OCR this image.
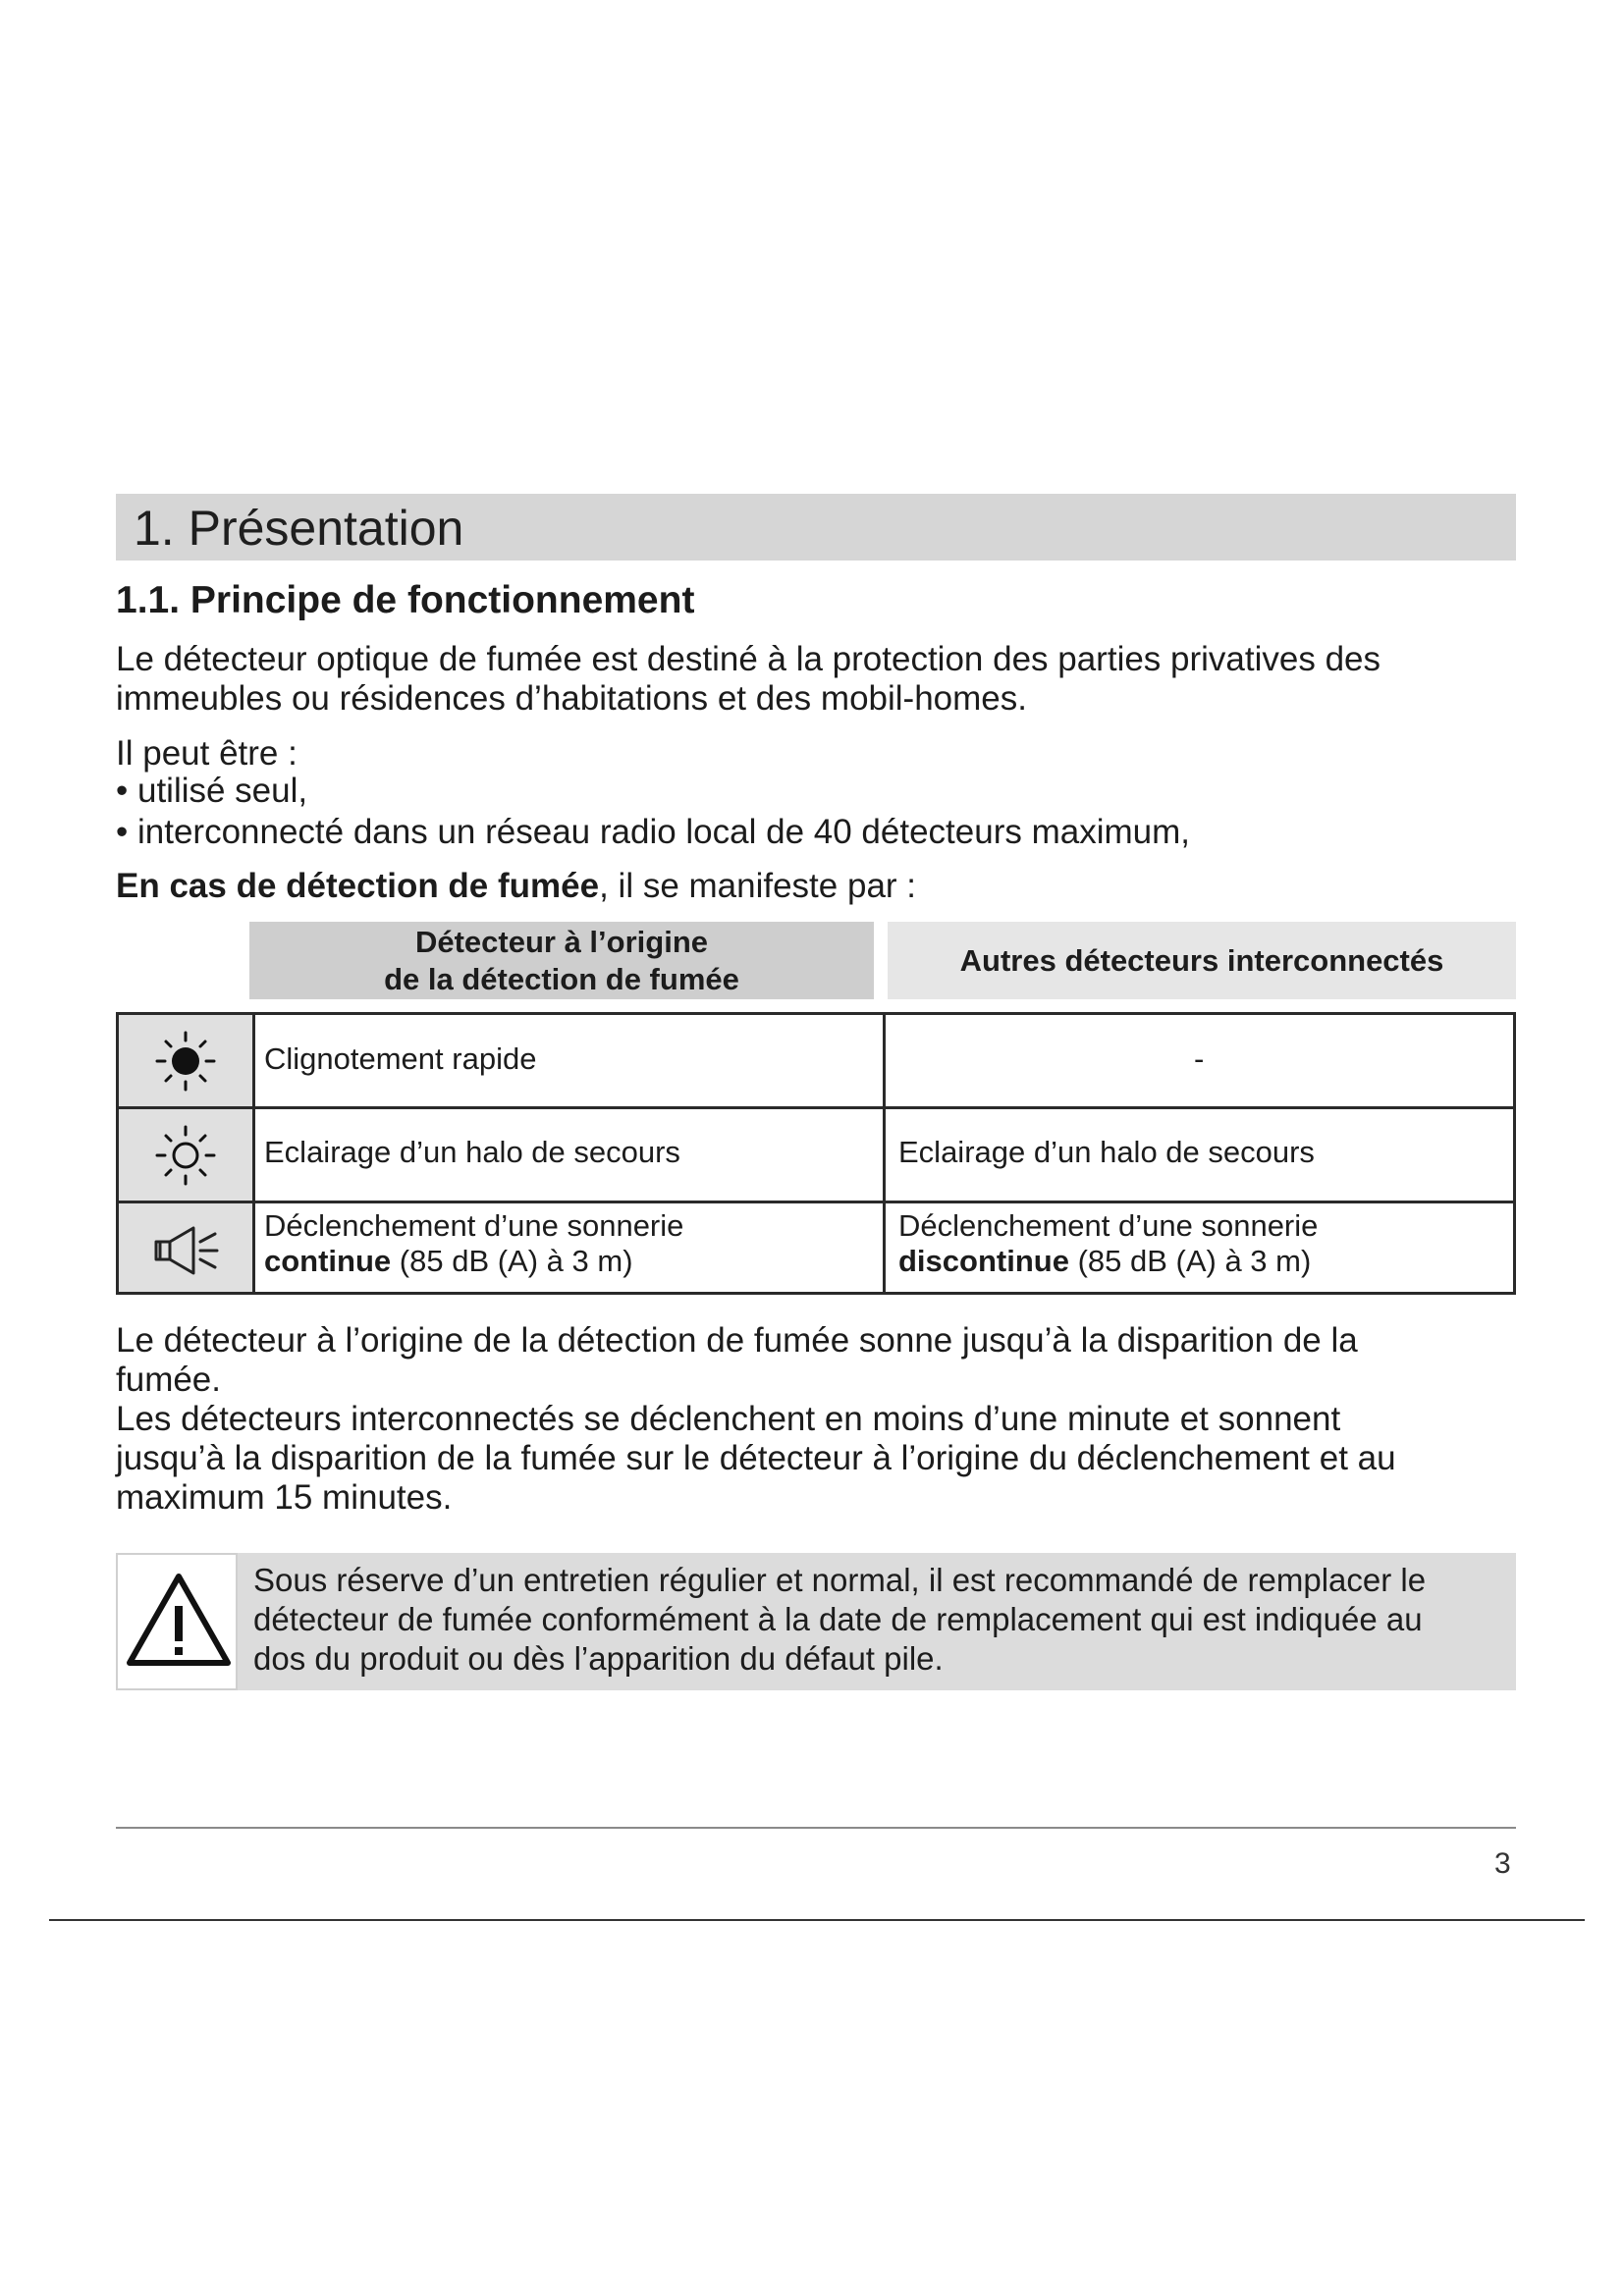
1. Présentation
1.1. Principe de fonctionnement
Le détecteur optique de fumée est destiné à la protection des parties privatives des
immeubles ou résidences d’habitations et des mobil-homes.
Il peut être :
• utilisé seul,
• interconnecté dans un réseau radio local de 40 détecteurs maximum,
En cas de détection de fumée, il se manifeste par :
Détecteur à l’origine
de la détection de fumée
Autres détecteurs interconnectés
Clignotement rapide	-
Eclairage d’un halo de secours	Eclairage d’un halo de secours
Déclenchement d’une sonnerie
continue (85 dB (A) à 3 m)
Déclenchement d’une sonnerie
discontinue (85 dB (A) à 3 m)
Le détecteur à l’origine de la détection de fumée sonne jusqu’à la disparition de la
fumée.
Les détecteurs interconnectés se déclenchent en moins d’une minute et sonnent
jusqu’à la disparition de la fumée sur le détecteur à l’origine du déclenchement et au
maximum 15 minutes.
Sous réserve d’un entretien régulier et normal, il est recommandé de remplacer le
détecteur de fumée conformément à la date de remplacement qui est indiquée au
dos du produit ou dès l’apparition du défaut pile.
3
